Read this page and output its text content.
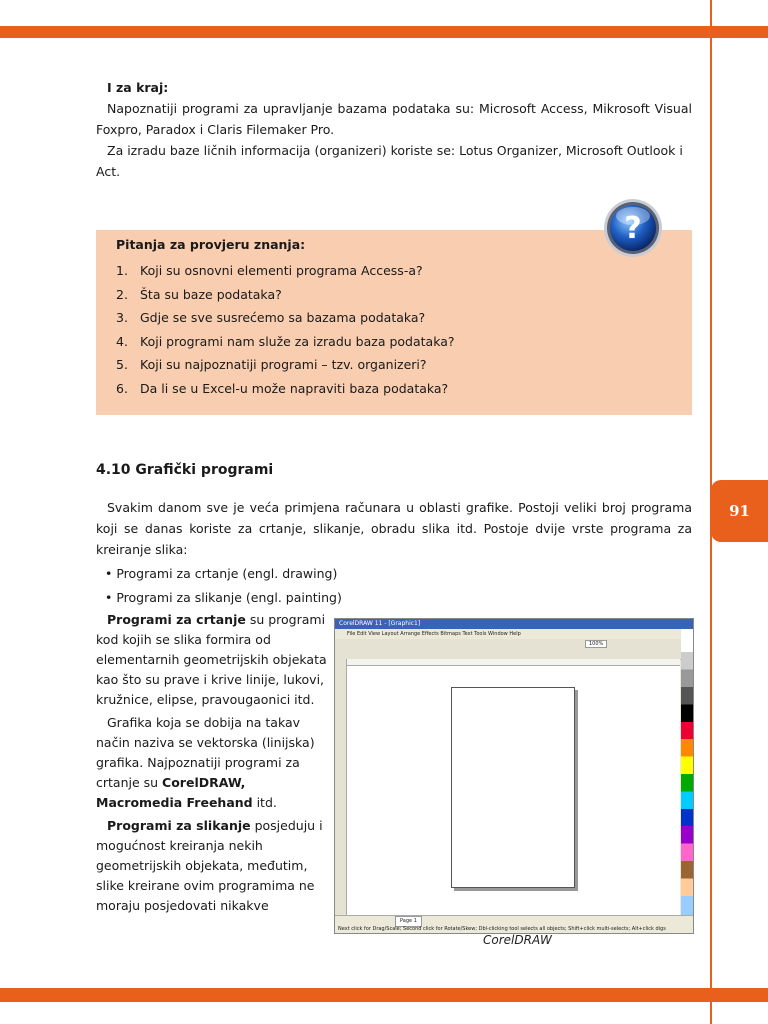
91

I za kraj:

Napoznatiji programi za upravljanje bazama podataka su: Microsoft Access, Mikrosoft Visual Foxpro, Paradox i Claris Filemaker Pro.

Za izradu baze ličnih informacija (organizeri) koriste se: Lotus Organizer, Microsoft Outlook i Act.

Pitanja za provjeru znanja:
1. Koji su osnovni elementi programa Access-a?
2. Šta su baze podataka?
3. Gdje se sve susrećemo sa bazama podataka?
4. Koji programi nam služe za izradu baza podataka?
5. Koji su najpoznatiji programi – tzv. organizeri?
6. Da li se u Excel-u može napraviti baza podataka?
?
4.10 Grafički programi

Svakim danom sve je veća primjena računara u oblasti grafike. Postoji veliki broj programa koji se danas koriste za crtanje, slikanje, obradu slika itd. Postoje dvije vrste programa za kreiranje slika:

• Programi za crtanje (engl. drawing)
• Programi za slikanje (engl. painting)

Programi za crtanje su programi kod kojih se slika formira od elementarnih geometrijskih objekata kao što su prave i krive linije, lukovi, kružnice, elipse, pravougaonici itd.

Grafika koja se dobija na takav način naziva se vektorska (linijska) grafika. Najpoznatiji programi za crtanje su CorelDRAW, Macromedia Freehand itd.

Programi za slikanje posjeduju i mogućnost kreiranja nekih geometrijskih objekata, međutim, slike kreirane ovim programima ne moraju posjedovati nikakve

CorelDRAW 11 - [Graphic1]
File Edit View Layout Arrange Effects Bitmaps Text Tools Window Help
100%
Page 1
Next click for Drag/Scale; Second click for Rotate/Skew; Dbl-clicking tool selects all objects; Shift+click multi-selects; Alt+click digs
CorelDRAW
